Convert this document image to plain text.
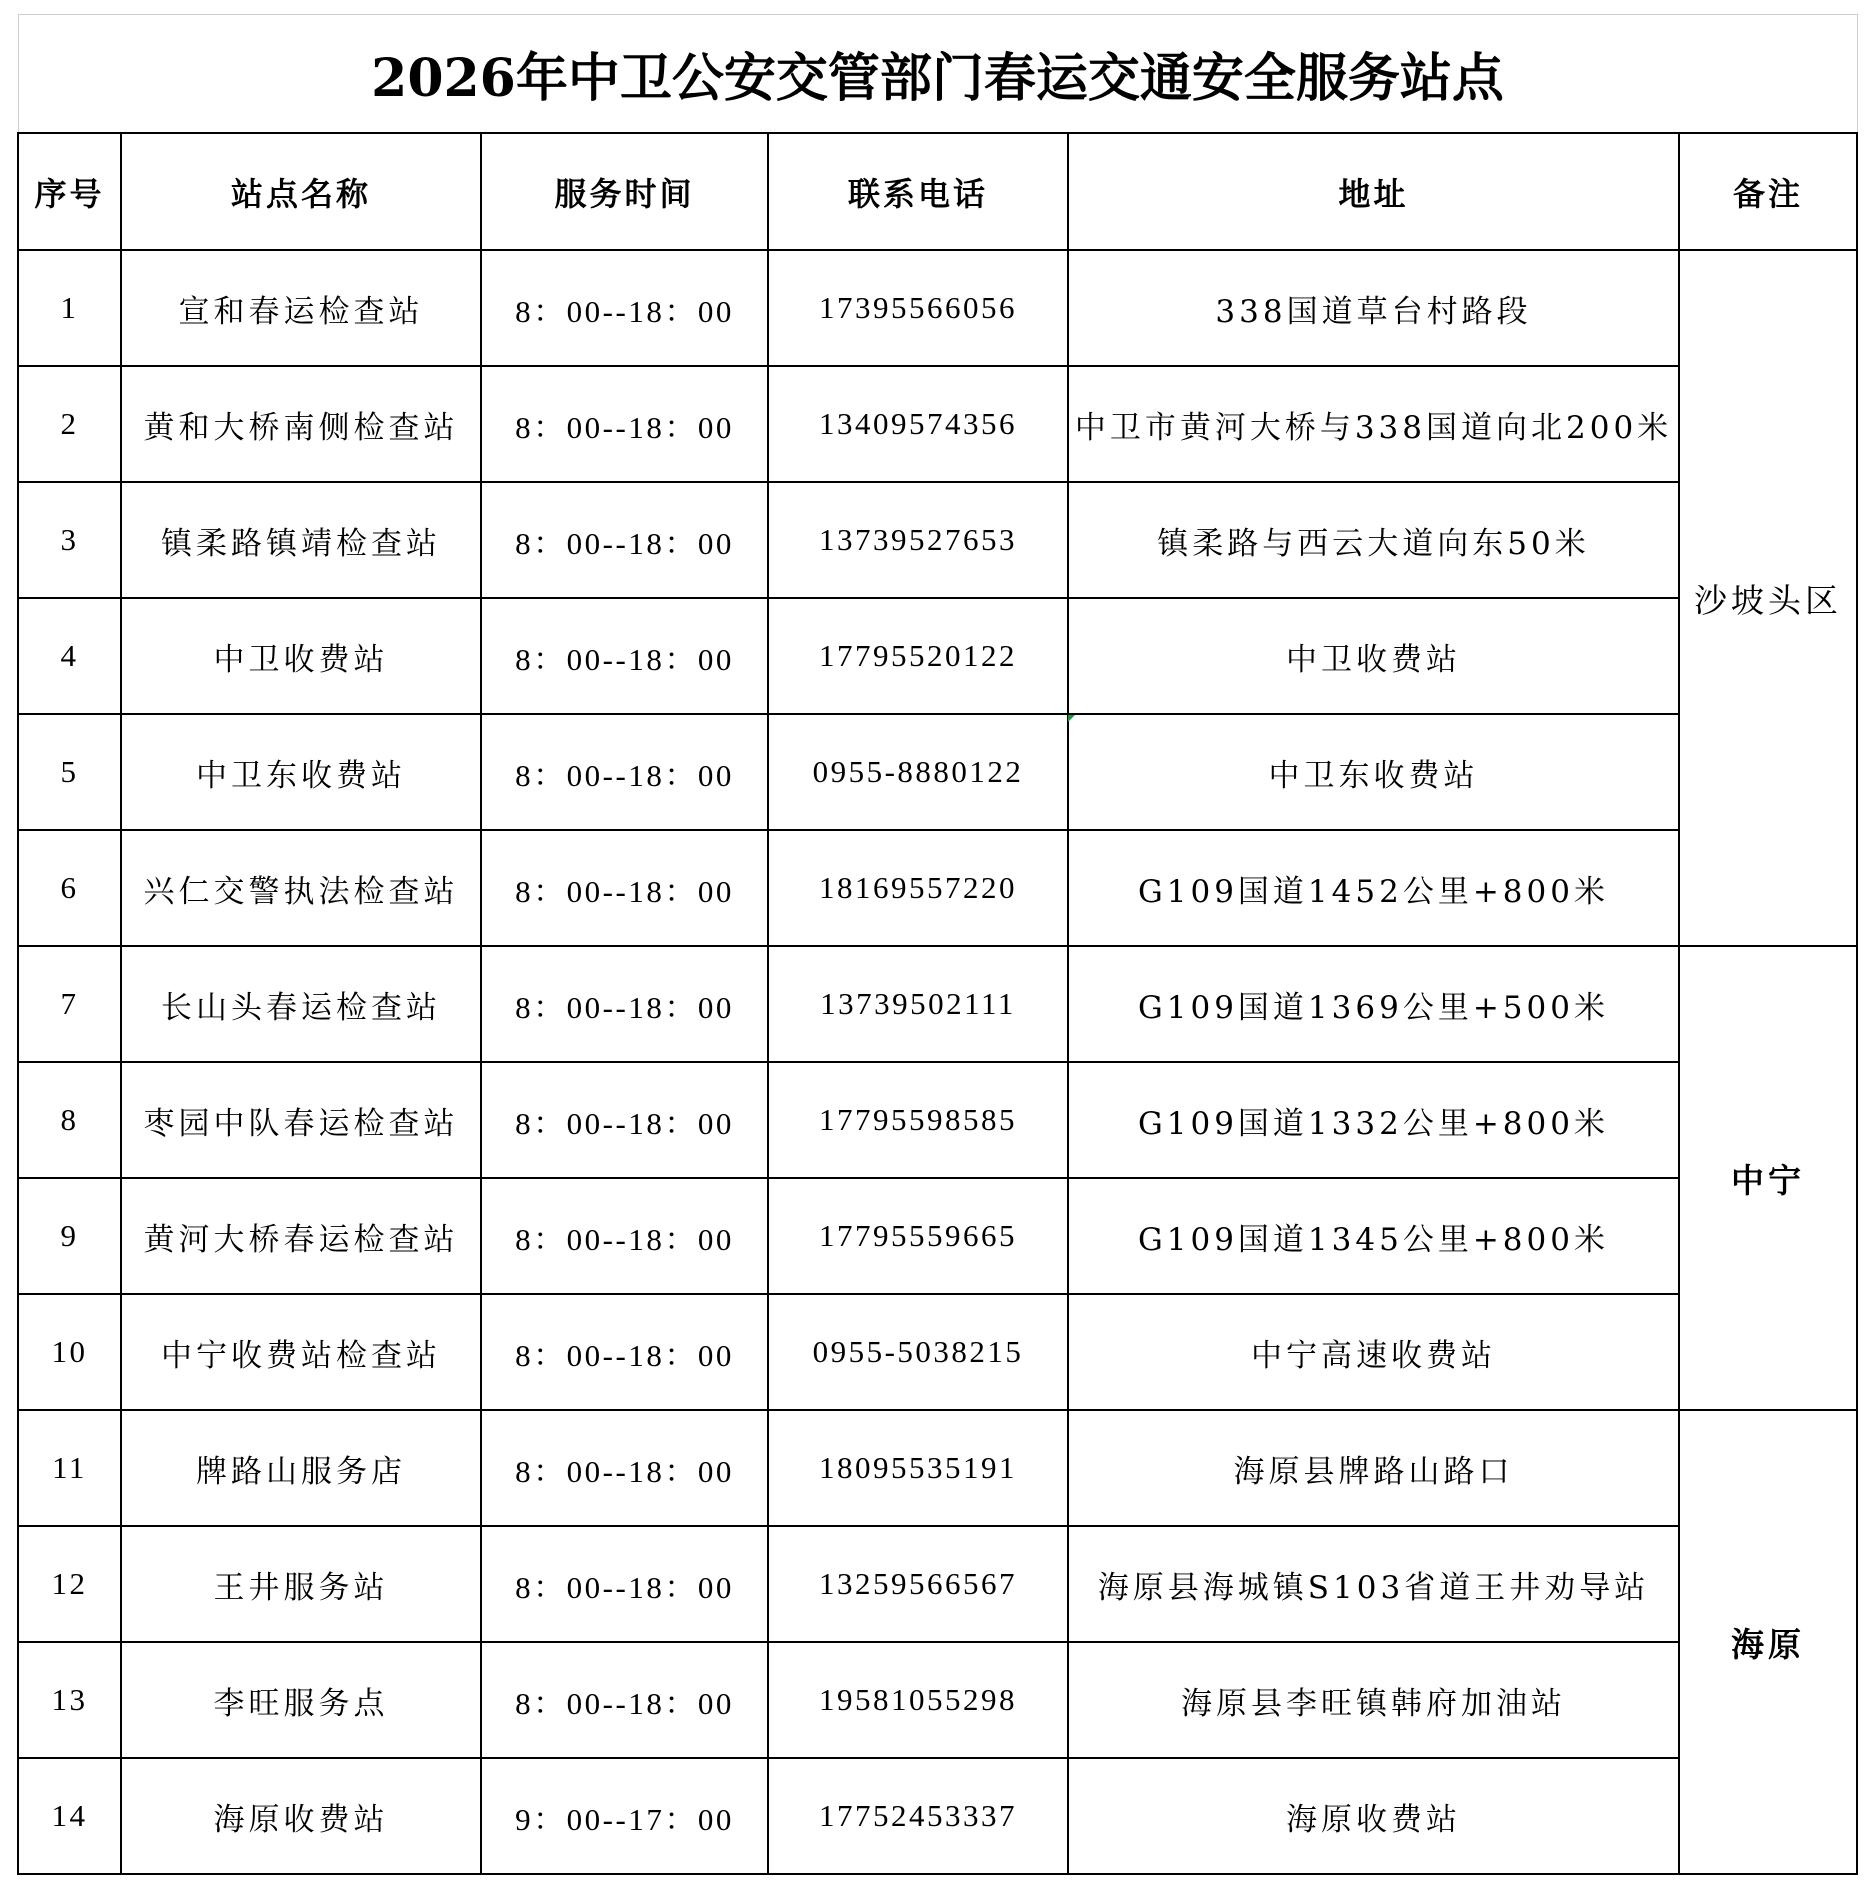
2026年中卫公安交管部门春运交通安全服务站点					
序号	站点名称	服务时间	联系电话	地址	备注
1	宣和春运检查站	8：00--18：00	17395566056	338国道草台村路段	沙坡头区
2	黄和大桥南侧检查站	8：00--18：00	13409574356	中卫市黄河大桥与338国道向北200米	
3	镇柔路镇靖检查站	8：00--18：00	13739527653	镇柔路与西云大道向东50米	
4	中卫收费站	8：00--18：00	17795520122	中卫收费站	
5	中卫东收费站	8：00--18：00	0955-8880122	中卫东收费站	
6	兴仁交警执法检查站	8：00--18：00	18169557220	G109国道1452公里+800米	
7	长山头春运检查站	8：00--18：00	13739502111	G109国道1369公里+500米	中宁
8	枣园中队春运检查站	8：00--18：00	17795598585	G109国道1332公里+800米	
9	黄河大桥春运检查站	8：00--18：00	17795559665	G109国道1345公里+800米	
10	中宁收费站检查站	8：00--18：00	0955-5038215	中宁高速收费站	
11	牌路山服务店	8：00--18：00	18095535191	海原县牌路山路口	海原
12	王井服务站	8：00--18：00	13259566567	海原县海城镇S103省道王井劝导站	
13	李旺服务点	8：00--18：00	19581055298	海原县李旺镇韩府加油站	
14	海原收费站	9：00--17：00	17752453337	海原收费站	
